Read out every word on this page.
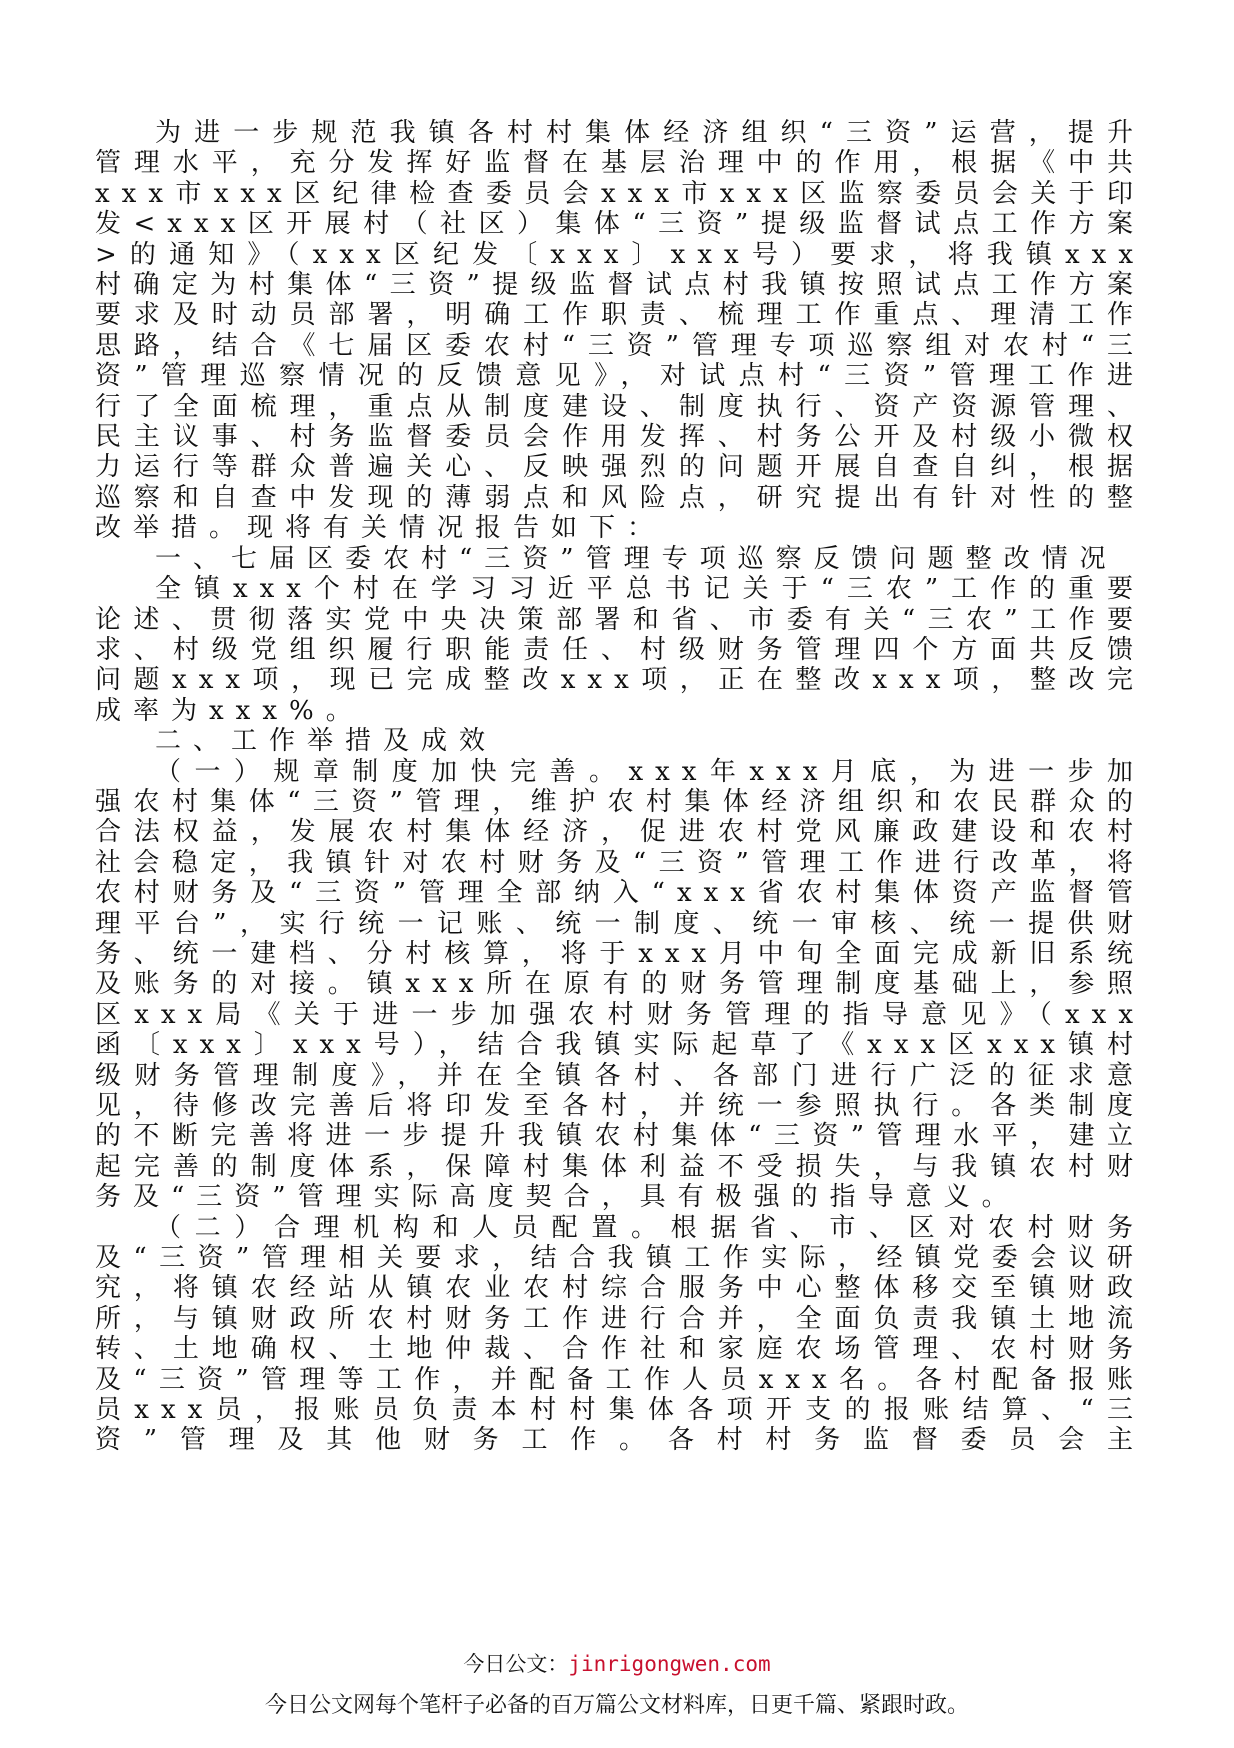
为进一步规范我镇各村村集体经济组织“三资”运营，提升管理水平，充分发挥好监督在基层治理中的作用，根据《中共xxx市xxx区纪律检查委员会xxx市xxx区监察委员会关于印发<xxx区开展村（社区）集体“三资”提级监督试点工作方案>的通知》（xxx区纪发〔xxx〕xxx号）要求，将我镇xxx村确定为村集体“三资”提级监督试点村我镇按照试点工作方案要求及时动员部署，明确工作职责、梳理工作重点、理清工作思路，结合《七届区委农村“三资”管理专项巡察组对农村“三资”管理巡察情况的反馈意见》，对试点村“三资”管理工作进行了全面梳理，重点从制度建设、制度执行、资产资源管理、民主议事、村务监督委员会作用发挥、村务公开及村级小微权力运行等群众普遍关心、反映强烈的问题开展自查自纠，根据巡察和自查中发现的薄弱点和风险点，研究提出有针对性的整改举措。现将有关情况报告如下：

一、七届区委农村“三资”管理专项巡察反馈问题整改情况

全镇xxx个村在学习习近平总书记关于“三农”工作的重要论述、贯彻落实党中央决策部署和省、市委有关“三农”工作要求、村级党组织履行职能责任、村级财务管理四个方面共反馈问题xxx项，现已完成整改xxx项，正在整改xxx项，整改完成率为xxx%。

二、工作举措及成效

（一）规章制度加快完善。xxx年xxx月底，为进一步加强农村集体“三资”管理，维护农村集体经济组织和农民群众的合法权益，发展农村集体经济，促进农村党风廉政建设和农村社会稳定，我镇针对农村财务及“三资”管理工作进行改革，将农村财务及“三资”管理全部纳入“xxx省农村集体资产监督管理平台”，实行统一记账、统一制度、统一审核、统一提供财务、统一建档、分村核算，将于xxx月中旬全面完成新旧系统及账务的对接。镇xxx所在原有的财务管理制度基础上，参照区xxx局《关于进一步加强农村财务管理的指导意见》（xxx函〔xxx〕xxx号），结合我镇实际起草了《xxx区xxx镇村级财务管理制度》，并在全镇各村、各部门进行广泛的征求意见，待修改完善后将印发至各村，并统一参照执行。各类制度的不断完善将进一步提升我镇农村集体“三资”管理水平，建立起完善的制度体系，保障村集体利益不受损失，与我镇农村财务及“三资”管理实际高度契合，具有极强的指导意义。

（二）合理机构和人员配置。根据省、市、区对农村财务及“三资”管理相关要求，结合我镇工作实际，经镇党委会议研究，将镇农经站从镇农业农村综合服务中心整体移交至镇财政所，与镇财政所农村财务工作进行合并，全面负责我镇土地流转、土地确权、土地仲裁、合作社和家庭农场管理、农村财务及“三资”管理等工作，并配备工作人员xxx名。各村配备报账员xxx员，报账员负责本村村集体各项开支的报账结算、“三资”管理及其他财务工作。各村村务监督委员会主

今日公文：jinrigongwen.com
今日公文网每个笔杆子必备的百万篇公文材料库，日更千篇、紧跟时政。
